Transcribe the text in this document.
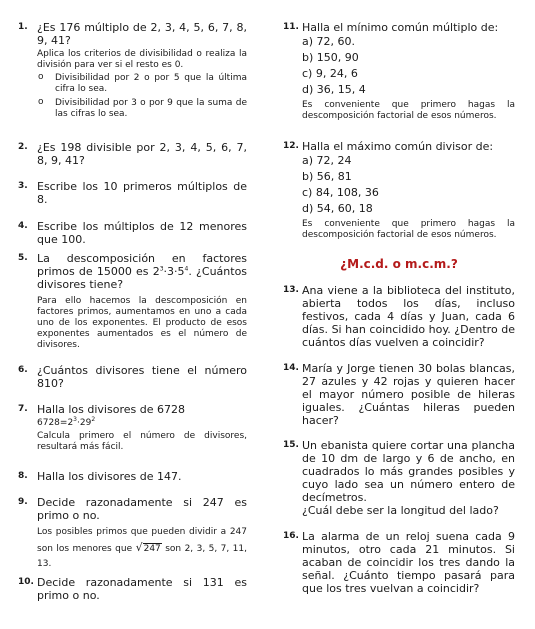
1. ¿Es 176 múltiplo de 2, 3, 4, 5, 6, 7, 8, 9, 41?
Aplica los criterios de divisibilidad o realiza la división para ver si el resto es 0.
o Divisibilidad por 2 o por 5 que la última cifra lo sea.
o Divisibilidad por 3 o por 9 que la suma de las cifras lo sea.
2. ¿Es 198 divisible por 2, 3, 4, 5, 6, 7, 8, 9, 41?
3. Escribe los 10 primeros múltiplos de 8.
4. Escribe los múltiplos de 12 menores que 100.
5. La descomposición en factores primos de 15000 es $2^3\cdot 3\cdot 5^4$. ¿Cuántos divisores tiene?
Para ello hacemos la descomposición en factores primos, aumentamos en uno a cada uno de los exponentes. El producto de esos exponentes aumentados es el número de divisores.
6. ¿Cuántos divisores tiene el número 810?
7. Halla los divisores de 6728
$6728=2^3\cdot 29^2$
Calcula primero el número de divisores, resultará más fácil.
8. Halla los divisores de 147.
9. Decide razonadamente si 247 es primo o no.
Los posibles primos que pueden dividir a 247 son los menores que √247 son 2, 3, 5, 7, 11, 13.
10. Decide razonadamente si 131 es primo o no.
11. Halla el mínimo común múltiplo de:
a) 72, 60.
b) 150, 90
c) 9, 24, 6
d) 36, 15, 4
Es conveniente que primero hagas la descomposición factorial de esos números.
12. Halla el máximo común divisor de:
a) 72, 24
b) 56, 81
c) 84, 108, 36
d) 54, 60, 18
Es conveniente que primero hagas la descomposición factorial de esos números.
¿M.c.d. o m.c.m.?
13. Ana viene a la biblioteca del instituto, abierta todos los días, incluso festivos, cada 4 días y Juan, cada 6 días. Si han coincidido hoy. ¿Dentro de cuántos días vuelven a coincidir?
14. María y Jorge tienen 30 bolas blancas, 27 azules y 42 rojas y quieren hacer el mayor número posible de hileras iguales. ¿Cuántas hileras pueden hacer?
15. Un ebanista quiere cortar una plancha de 10 dm de largo y 6 de ancho, en cuadrados lo más grandes posibles y cuyo lado sea un número entero de decímetros.
¿Cuál debe ser la longitud del lado?
16. La alarma de un reloj suena cada 9 minutos, otro cada 21 minutos. Si acaban de coincidir los tres dando la señal. ¿Cuánto tiempo pasará para que los tres vuelvan a coincidir?
